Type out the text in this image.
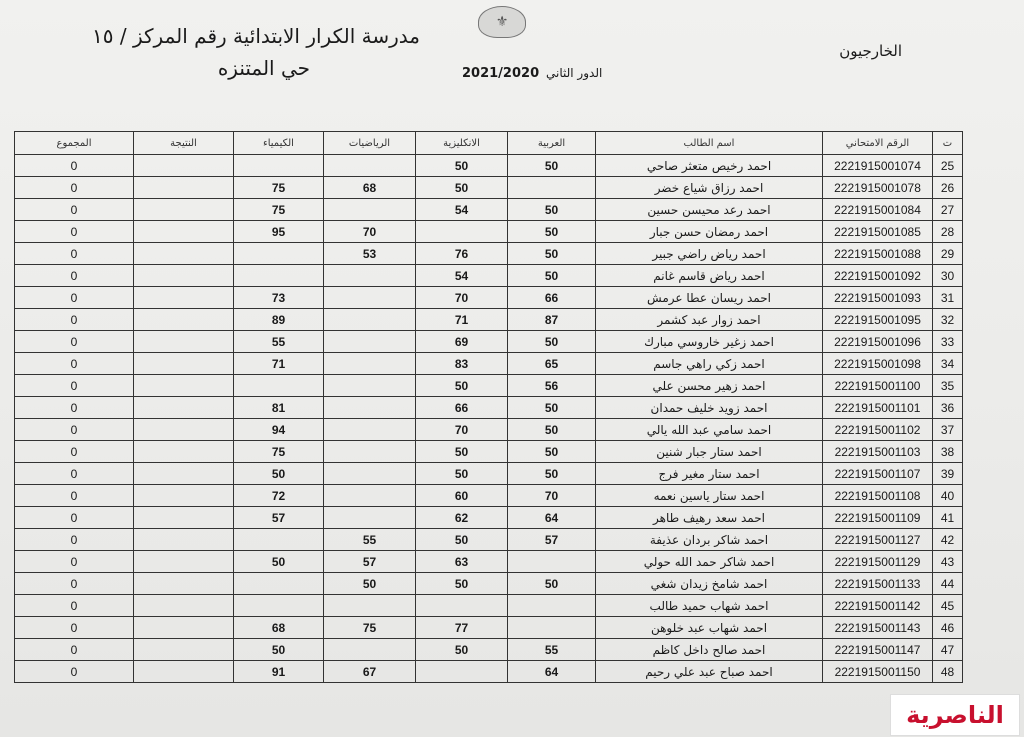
⚜
مدرسة الكرار الابتدائية رقم المركز / ١٥
حي المتنزه	الدور الثاني
2021/2020
الخارجيون
ت	الرقم الامتحاني	اسم الطالب	العربية	الانكليزية	الرياضيات	الكيمياء	النتيجة	المجموع
25	2221915001074	احمد رخيص متعثر صاحي	50	50				0
26	2221915001078	احمد رزاق شياع خضر		50	68	75		0
27	2221915001084	احمد رعد محيسن حسين	50	54		75		0
28	2221915001085	احمد رمضان حسن جبار	50		70	95		0
29	2221915001088	احمد رياض راضي جبير	50	76	53			0
30	2221915001092	احمد رياض قاسم غانم	50	54				0
31	2221915001093	احمد ريسان عطا عرمش	66	70		73		0
32	2221915001095	احمد زوار عبد كشمر	87	71		89		0
33	2221915001096	احمد زغير خاروسي مبارك	50	69		55		0
34	2221915001098	احمد زكي راهي جاسم	65	83		71		0
35	2221915001100	احمد زهير محسن علي	56	50				0
36	2221915001101	احمد زويد خليف حمدان	50	66		81		0
37	2221915001102	احمد سامي عبد الله يالي	50	70		94		0
38	2221915001103	احمد ستار جبار شنين	50	50		75		0
39	2221915001107	احمد ستار مغير فرج	50	50		50		0
40	2221915001108	احمد ستار ياسين نعمه	70	60		72		0
41	2221915001109	احمد سعد رهيف طاهر	64	62		57		0
42	2221915001127	احمد شاكر بردان عذيفة	57	50	55			0
43	2221915001129	احمد شاكر حمد الله حولي		63	57	50		0
44	2221915001133	احمد شامخ زيدان شغي	50	50	50			0
45	2221915001142	احمد شهاب حميد طالب						0
46	2221915001143	احمد شهاب عبد خلوهن		77	75	68		0
47	2221915001147	احمد صالح داخل كاظم	55	50		50		0
48	2221915001150	احمد صباح عبد علي رحيم	64		67	91		0
الناصرية
